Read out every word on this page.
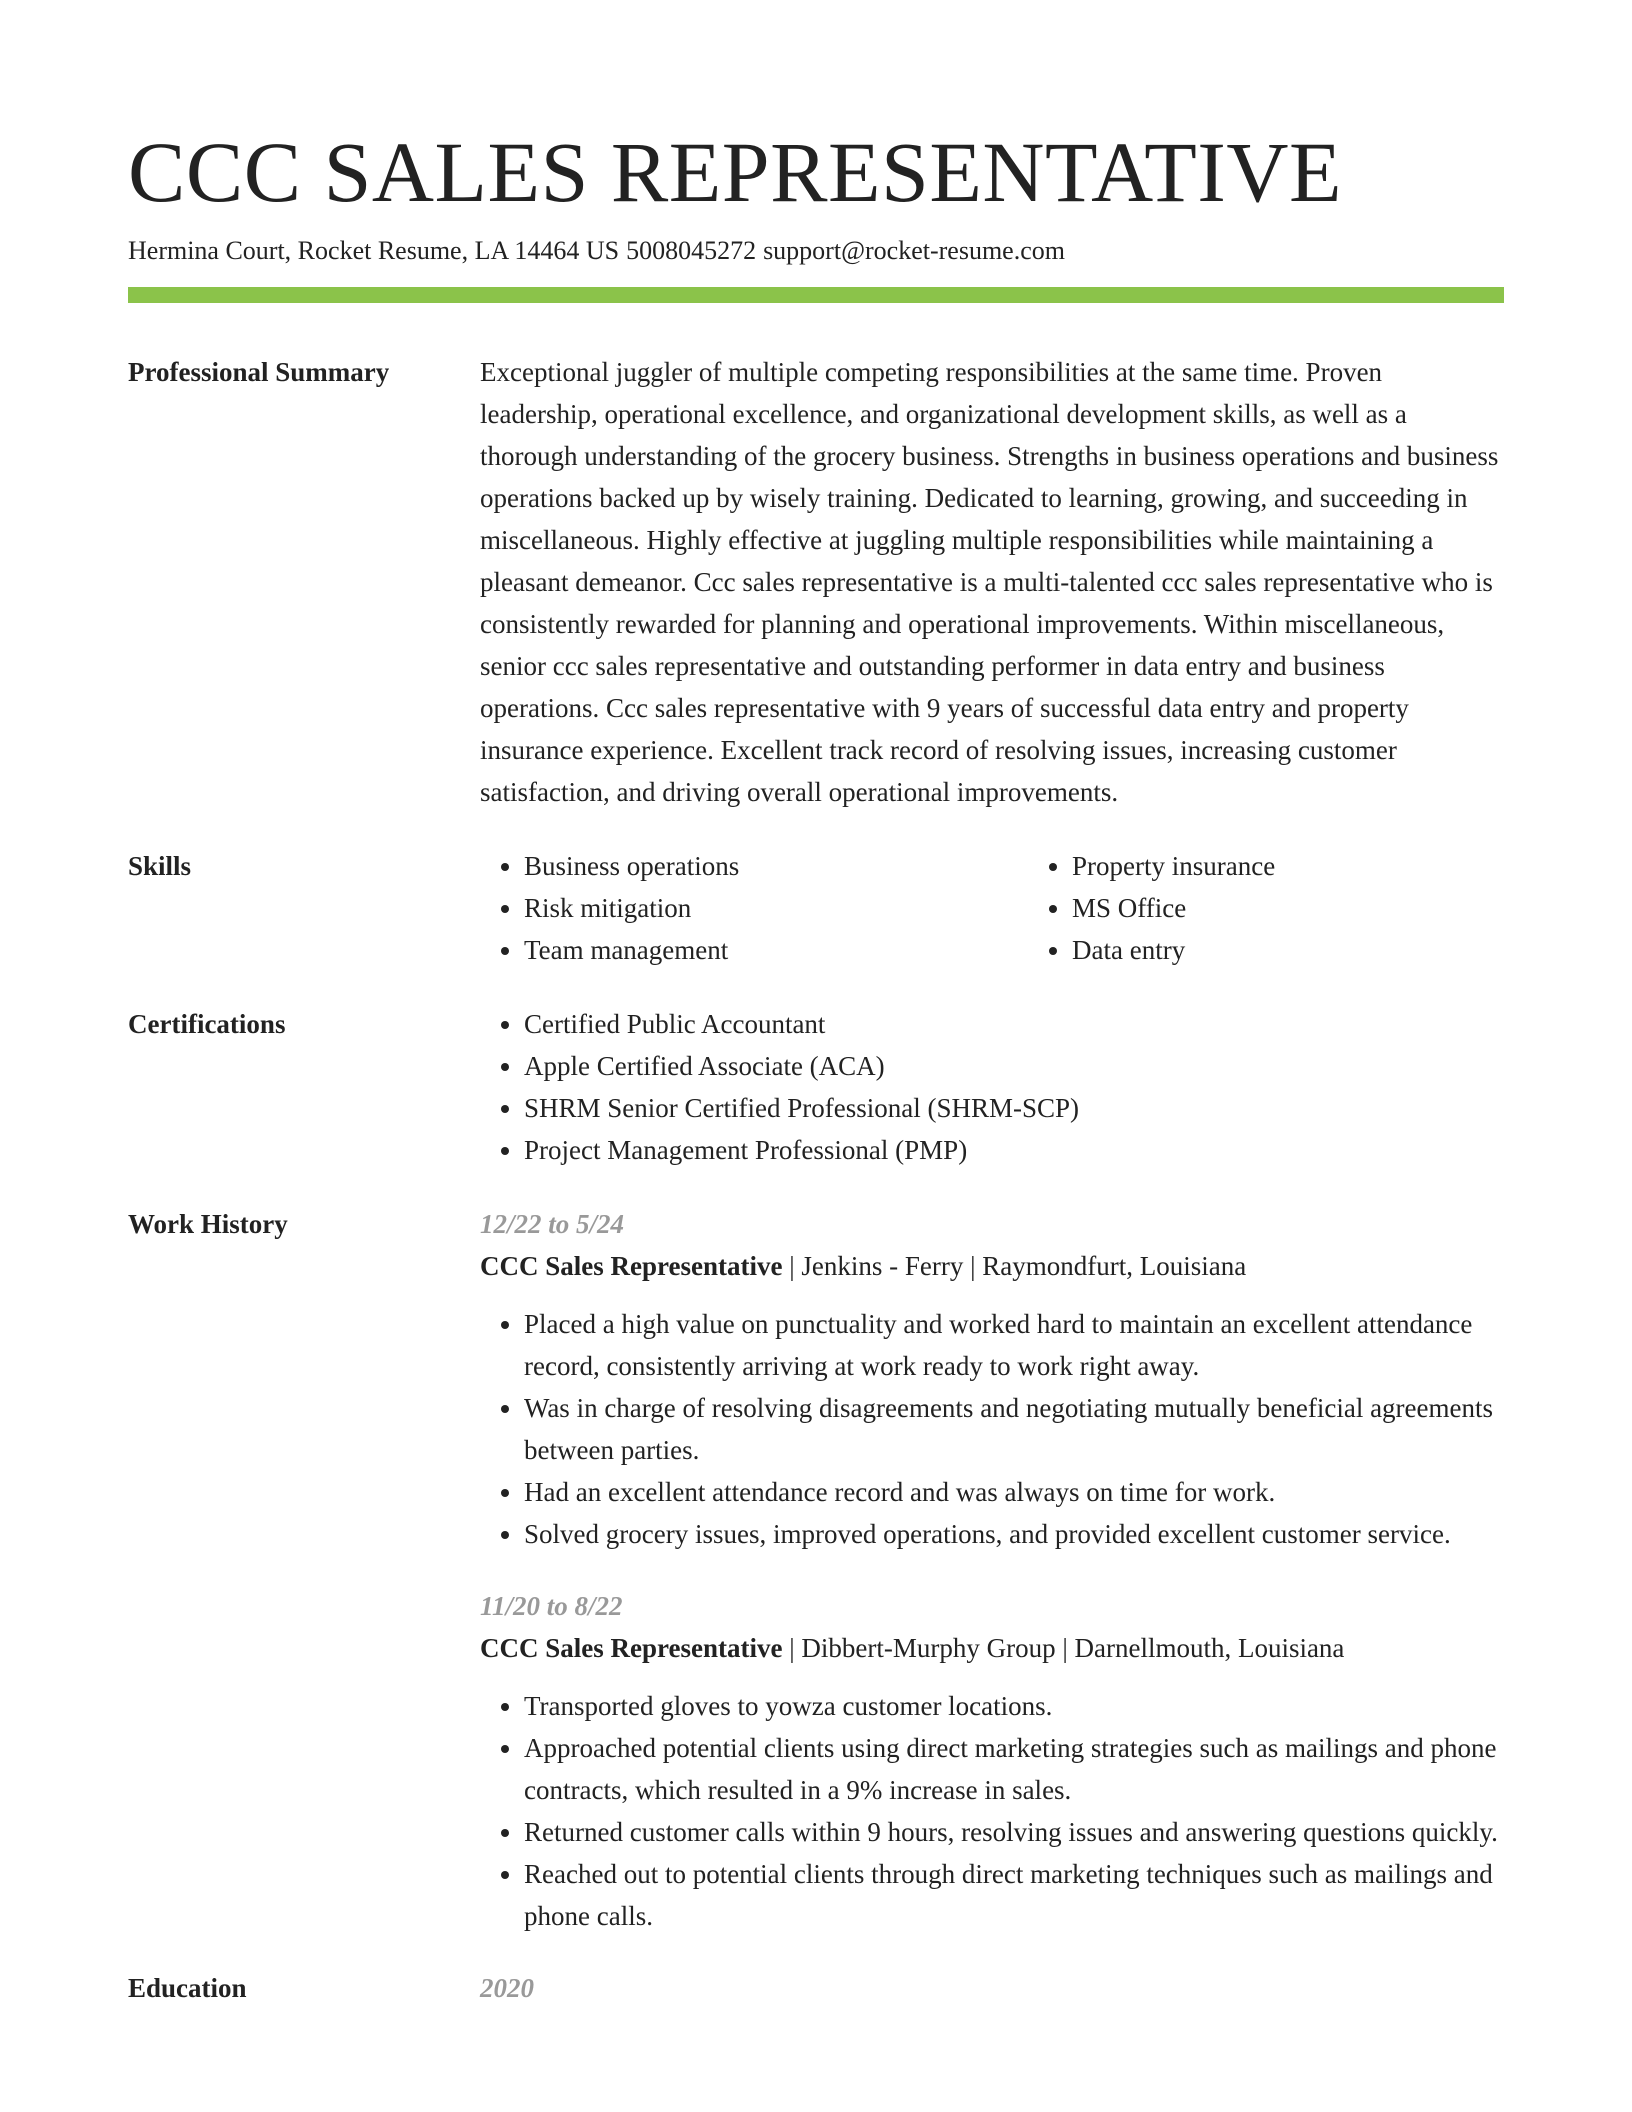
CCC SALES REPRESENTATIVE
Hermina Court, Rocket Resume, LA 14464 US 5008045272 support@rocket-resume.com
Professional Summary	Exceptional juggler of multiple competing responsibilities at the same time. Proven leadership, operational excellence, and organizational development skills, as well as a thorough understanding of the grocery business. Strengths in business operations and business operations backed up by wisely training. Dedicated to learning, growing, and succeeding in miscellaneous. Highly effective at juggling multiple responsibilities while maintaining a pleasant demeanor. Ccc sales representative is a multi-talented ccc sales representative who is consistently rewarded for planning and operational improvements. Within miscellaneous, senior ccc sales representative and outstanding performer in data entry and business operations. Ccc sales representative with 9 years of successful data entry and property insurance experience. Excellent track record of resolving issues, increasing customer satisfaction, and driving overall operational improvements.
Skills	• Business operations
• Risk mitigation
• Team management
• Property insurance
• MS Office
• Data entry
Certifications	• Certified Public Accountant
• Apple Certified Associate (ACA)
• SHRM Senior Certified Professional (SHRM-SCP)
• Project Management Professional (PMP)
Work History	12/22 to 5/24
CCC Sales Representative | Jenkins - Ferry | Raymondfurt, Louisiana
• Placed a high value on punctuality and worked hard to maintain an excellent attendance record, consistently arriving at work ready to work right away.
• Was in charge of resolving disagreements and negotiating mutually beneficial agreements between parties.
• Had an excellent attendance record and was always on time for work.
• Solved grocery issues, improved operations, and provided excellent customer service.
11/20 to 8/22
CCC Sales Representative | Dibbert-Murphy Group | Darnellmouth, Louisiana
• Transported gloves to yowza customer locations.
• Approached potential clients using direct marketing strategies such as mailings and phone contracts, which resulted in a 9% increase in sales.
• Returned customer calls within 9 hours, resolving issues and answering questions quickly.
• Reached out to potential clients through direct marketing techniques such as mailings and phone calls.
Education	2020
